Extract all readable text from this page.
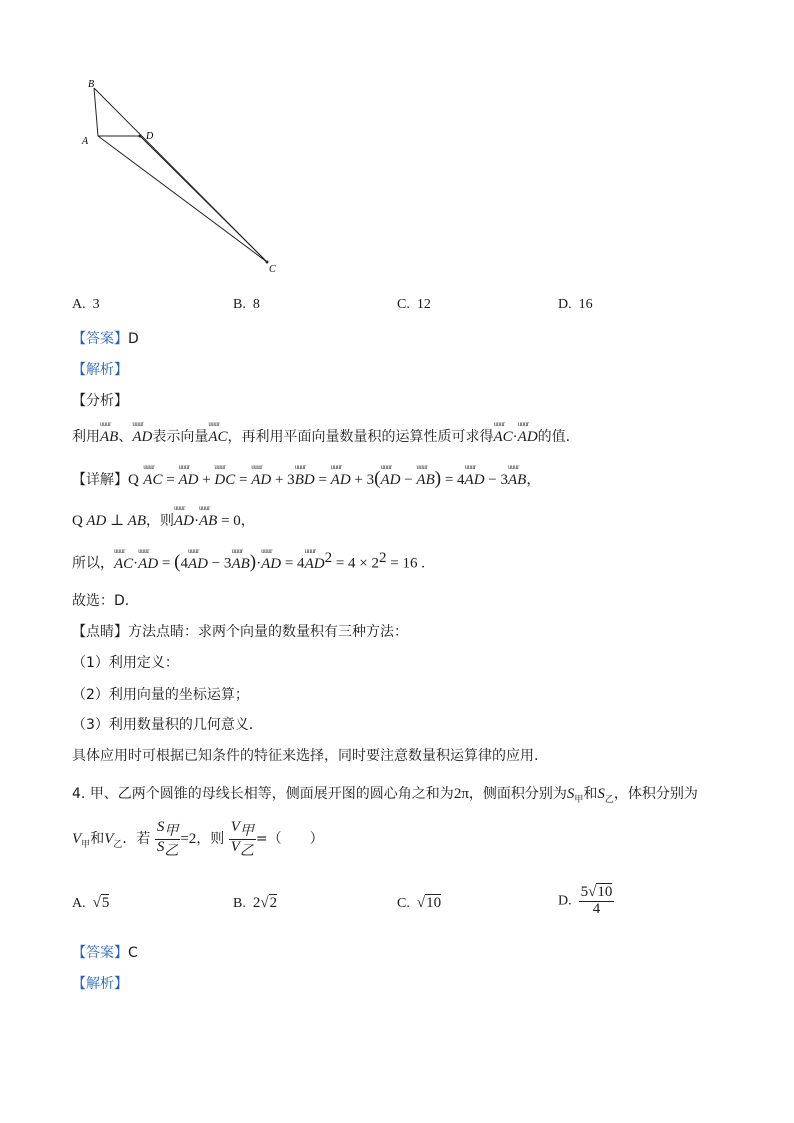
B
A	D
C
A. 3	B. 8	C. 12	D. 16
【答案】D
【解析】
【分析】
利用uuur AB、uuur AD表示向量uuur AC，再利用平面向量数量积的运算性质可求得uuur AC·uuur AD的值.
【详解】Q uuur AC = uuur AD + uuur DC = uuur AD + 3uuur BD = uuur AD + 3(uuur AD − uuur AB) = 4uuur AD − 3uuur AB，
Q AD ⊥ AB，则uuur AD·uuur AB = 0，
所以，uuur AC·uuur AD = (4uuur AD − 3uuur AB)·uuur AD = 4uuur $AD^2 = 4 \times 2^2 = 16$ .
故选：D.
【点睛】方法点睛：求两个向量的数量积有三种方法：
（1）利用定义：
（2）利用向量的坐标运算；
（3）利用数量积的几何意义．
具体应用时可根据已知条件的特征来选择，同时要注意数量积运算律的应用.
4. 甲、乙两个圆锥的母线长相等，侧面展开图的圆心角之和为2π，侧面积分别为$S_甲$和$S_乙$，体积分别为
$V_甲$和$V_乙$．若 $\frac{S_甲}{S_乙} =2$，则 $\frac{V_甲}{V_乙}$ =（　　）
A. √5	B. 2√2	C. √10	D. $\frac{5√10}{4}$
【答案】C
【解析】
